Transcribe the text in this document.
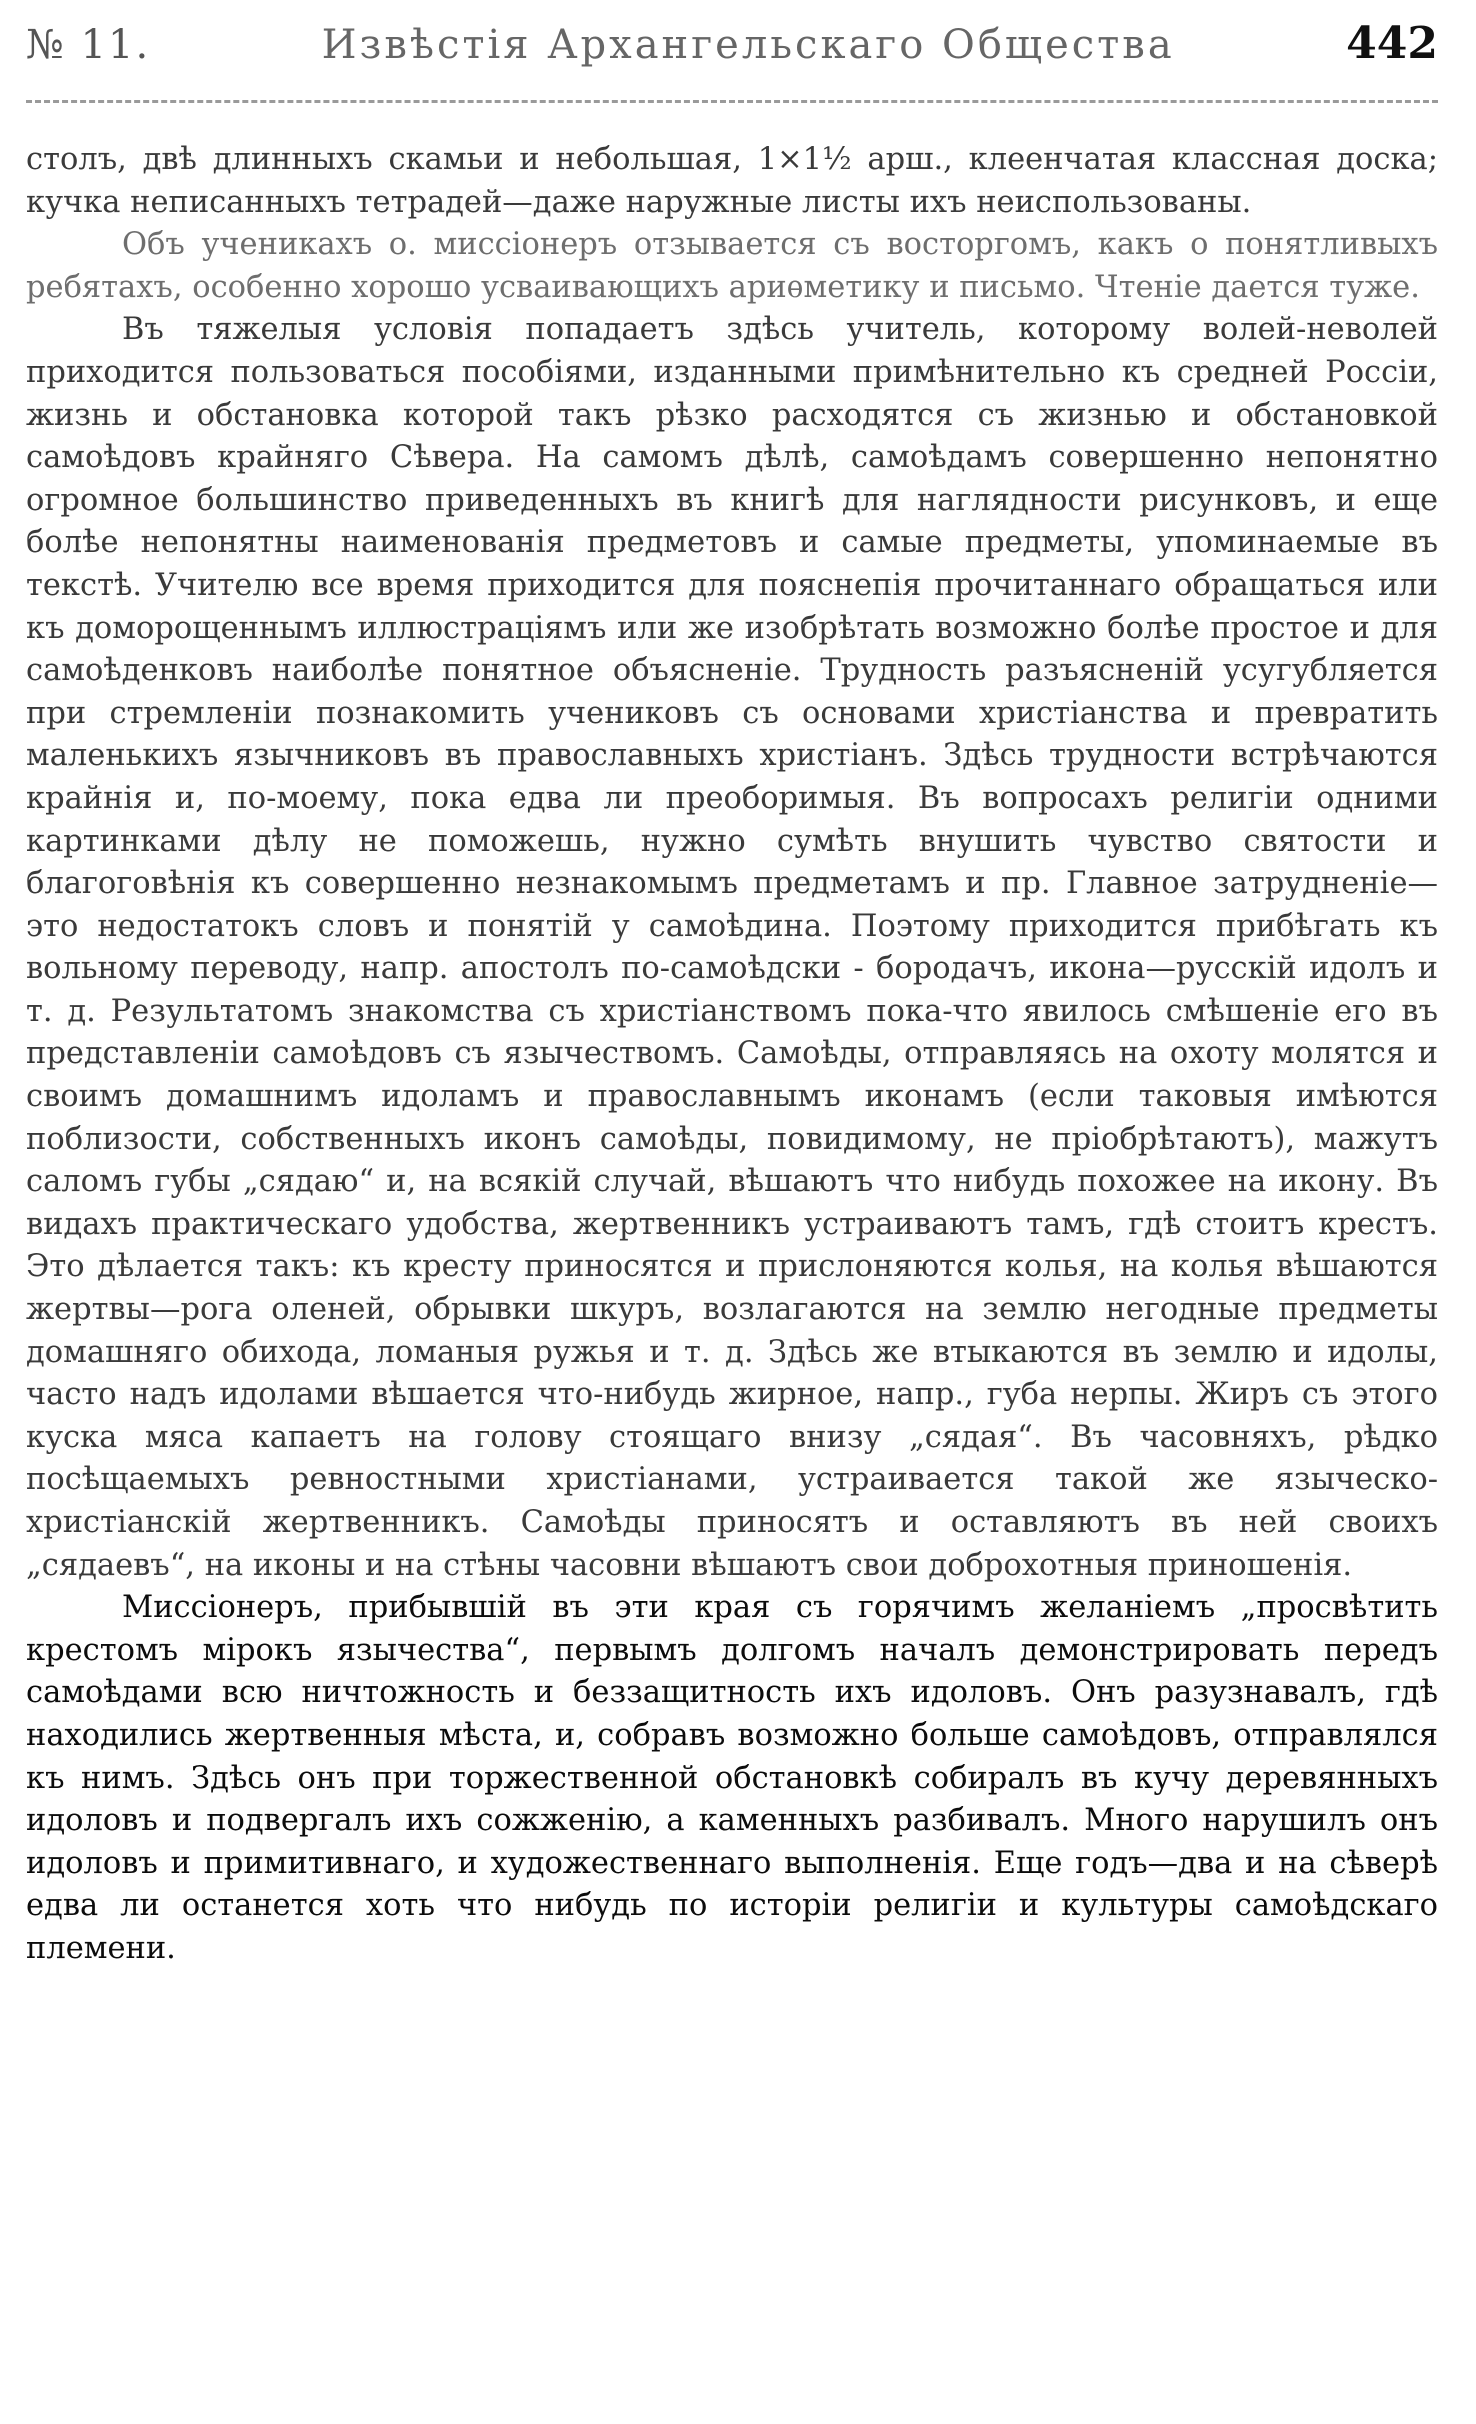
№ 11.	Извѣстія Архангельскаго Общества	442

столъ, двѣ длинныхъ скамьи и небольшая, 1×1½ арш., клеенчатая классная доска; кучка неписанныхъ тетрадей—даже наружные листы ихъ неиспользованы.

Объ ученикахъ о. миссіонеръ отзывается съ восторгомъ, какъ о понятливыхъ ребятахъ, особенно хорошо усваивающихъ ариѳметику и письмо. Чтеніе дается туже.

Въ тяжелыя условія попадаетъ здѣсь учитель, которому волей-неволей приходится пользоваться пособіями, изданными примѣнительно къ средней Россіи, жизнь и обстановка которой такъ рѣзко расходятся съ жизнью и обстановкой самоѣдовъ крайняго Сѣвера. На самомъ дѣлѣ, самоѣдамъ совершенно непонятно огромное большинство приведенныхъ въ книгѣ для наглядности рисунковъ, и еще болѣе непонятны наименованія предметовъ и самые предметы, упоминаемые въ текстѣ. Учителю все время приходится для пояснепія прочитаннаго обращаться или къ доморощеннымъ иллюстраціямъ или же изобрѣтать возможно болѣе простое и для самоѣденковъ наиболѣе понятное объясненіе. Трудность разъясненій усугубляется при стремленіи познакомить учениковъ съ основами христіанства и превратить маленькихъ язычниковъ въ православныхъ христіанъ. Здѣсь трудности встрѣчаются крайнія и, по-моему, пока едва ли преоборимыя. Въ вопросахъ религіи одними картинками дѣлу не поможешь, нужно сумѣть внушить чувство святости и благоговѣнія къ совершенно незнакомымъ предметамъ и пр. Главное затрудненіе—это недостатокъ словъ и понятій у самоѣдина. Поэтому приходится прибѣгать къ вольному переводу, напр. апостолъ по-самоѣдски - бородачъ, икона—русскій идолъ и т. д. Результатомъ знакомства съ христіанствомъ пока-что явилось смѣшеніе его въ представленіи самоѣдовъ съ язычествомъ. Самоѣды, отправляясь на охоту молятся и своимъ домашнимъ идоламъ и православнымъ иконамъ (если таковыя имѣются поблизости, собственныхъ иконъ самоѣды, повидимому, не пріобрѣтаютъ), мажутъ саломъ губы „сядаю“ и, на всякій случай, вѣшаютъ что нибудь похожее на икону. Въ видахъ практическаго удобства, жертвенникъ устраиваютъ тамъ, гдѣ стоитъ крестъ. Это дѣлается такъ: къ кресту приносятся и прислоняются колья, на колья вѣшаются жертвы—рога оленей, обрывки шкуръ, возлагаются на землю негодные предметы домашняго обихода, ломаныя ружья и т. д. Здѣсь же втыкаются въ землю и идолы, часто надъ идолами вѣшается что-нибудь жирное, напр., губа нерпы. Жиръ съ этого куска мяса капаетъ на голову стоящаго внизу „сядая“. Въ часовняхъ, рѣдко посѣщаемыхъ ревностными христіанами, устраивается такой же языческо-христіанскій жертвенникъ. Самоѣды приносятъ и оставляютъ въ ней своихъ „сядаевъ“, на иконы и на стѣны часовни вѣшаютъ свои доброхотныя приношенія.

Миссіонеръ, прибывшій въ эти края съ горячимъ желаніемъ „просвѣтить крестомъ мірокъ язычества“, первымъ долгомъ началъ демонстрировать передъ самоѣдами всю ничтожность и беззащитность ихъ идоловъ. Онъ разузнавалъ, гдѣ находились жертвенныя мѣста, и, собравъ возможно больше самоѣдовъ, отправлялся къ нимъ. Здѣсь онъ при торжественной обстановкѣ собиралъ въ кучу деревянныхъ идоловъ и подвергалъ ихъ сожженію, а каменныхъ разбивалъ. Много нарушилъ онъ идоловъ и примитивнаго, и художественнаго выполненія. Еще годъ—два и на сѣверѣ едва ли останется хоть что нибудь по исторіи религіи и культуры самоѣдскаго племени.
